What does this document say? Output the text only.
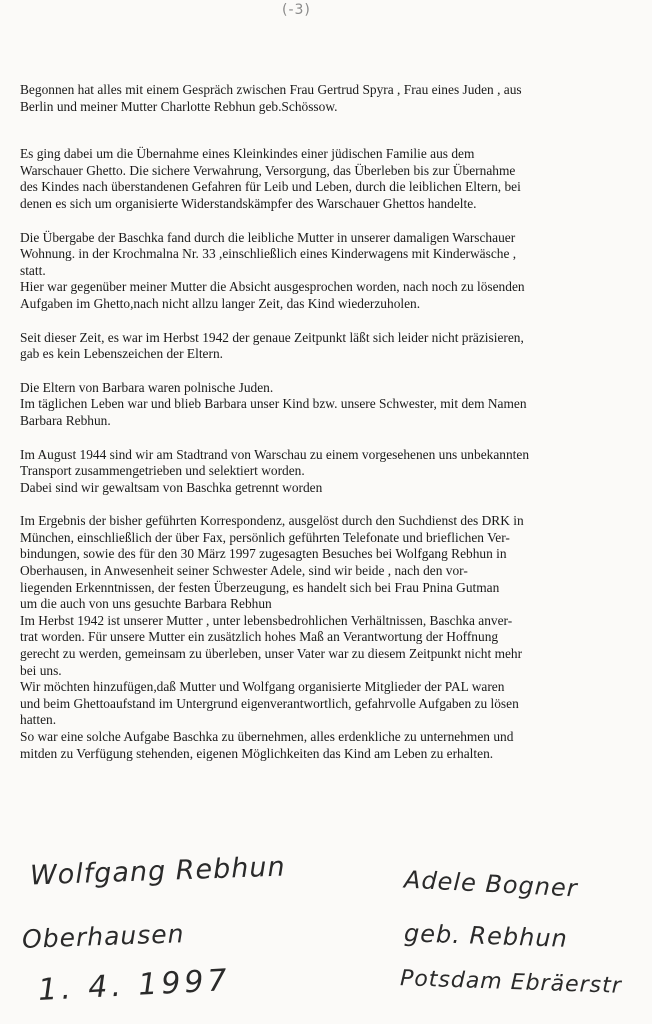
(-3)
Begonnen hat alles mit einem Gespräch zwischen Frau Gertrud Spyra , Frau eines Juden , aus
Berlin und meiner Mutter Charlotte Rebhun geb.Schössow.
Es ging dabei um die Übernahme eines Kleinkindes einer jüdischen Familie aus dem
Warschauer Ghetto. Die sichere Verwahrung, Versorgung, das Überleben bis zur Übernahme
des Kindes nach überstandenen Gefahren für Leib und Leben, durch die leiblichen Eltern, bei
denen es sich um organisierte Widerstandskämpfer des Warschauer Ghettos handelte.
Die Übergabe der Baschka fand durch die leibliche Mutter in unserer damaligen Warschauer
Wohnung. in der Krochmalna Nr. 33 ,einschließlich eines Kinderwagens mit Kinderwäsche ,
statt.
Hier war gegenüber meiner Mutter die Absicht ausgesprochen worden, nach noch zu lösenden
Aufgaben im Ghetto,nach nicht allzu langer Zeit, das Kind wiederzuholen.
Seit dieser Zeit, es war im Herbst 1942 der genaue Zeitpunkt läßt sich leider nicht präzisieren,
gab es kein Lebenszeichen der Eltern.
Die Eltern von Barbara waren polnische Juden.
Im täglichen Leben war und blieb Barbara unser Kind bzw. unsere Schwester, mit dem Namen
Barbara Rebhun.
Im August 1944 sind wir am Stadtrand von Warschau zu einem vorgesehenen uns unbekannten
Transport zusammengetrieben und selektiert worden.
Dabei sind wir gewaltsam von Baschka getrennt worden
Im Ergebnis der bisher geführten Korrespondenz, ausgelöst durch den Suchdienst des DRK in
München, einschließlich der über Fax, persönlich geführten Telefonate und brieflichen Ver-
bindungen, sowie des für den 30 März 1997 zugesagten Besuches bei Wolfgang Rebhun in
Oberhausen, in Anwesenheit seiner Schwester Adele, sind wir beide , nach den vor-
liegenden Erkenntnissen, der festen Überzeugung, es handelt sich bei Frau Pnina Gutman
um die auch von uns gesuchte Barbara Rebhun
Im Herbst 1942 ist unserer Mutter , unter lebensbedrohlichen Verhältnissen, Baschka anver-
trat worden. Für unsere Mutter ein zusätzlich hohes Maß an Verantwortung der Hoffnung
gerecht zu werden, gemeinsam zu überleben, unser Vater war zu diesem Zeitpunkt nicht mehr
bei uns.
Wir möchten hinzufügen,daß Mutter und Wolfgang organisierte Mitglieder der PAL waren
und beim Ghettoaufstand im Untergrund eigenverantwortlich, gefahrvolle Aufgaben zu lösen
hatten.
So war eine solche Aufgabe Baschka zu übernehmen, alles erdenkliche zu unternehmen und
mitden zu Verfügung stehenden, eigenen Möglichkeiten das Kind am Leben zu erhalten.
Wolfgang Rebhun
Oberhausen
1. 4. 1997
Adele Bogner
geb. Rebhun
Potsdam Ebräerstr
